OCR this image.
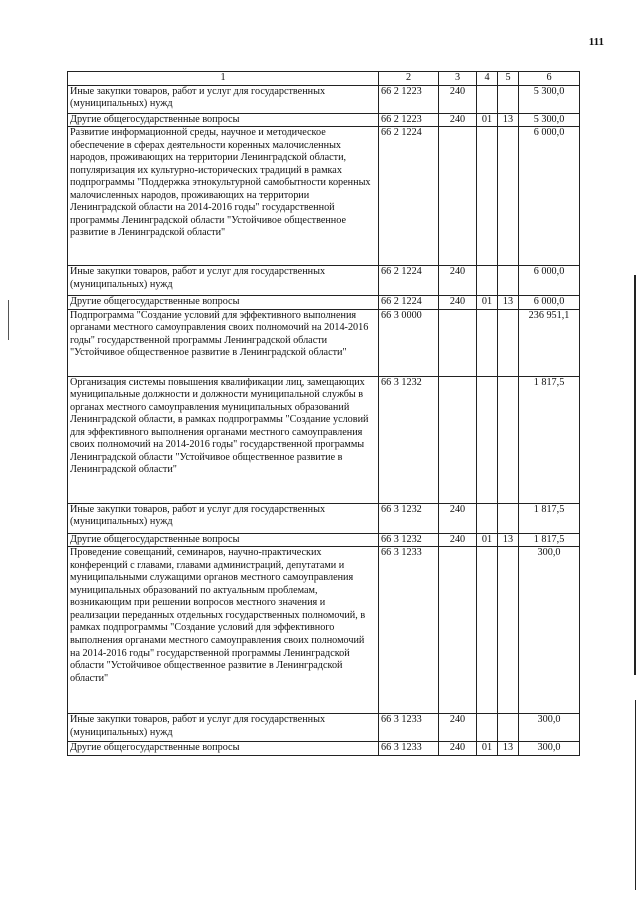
111
1	2	3	4	5	6
Иные закупки товаров, работ и услуг для государственных (муниципальных) нужд	66 2 1223	240			5 300,0
Другие общегосударственные вопросы	66 2 1223	240	01	13	5 300,0
Развитие информационной среды, научное и методическое обеспечение в сферах деятельности коренных малочисленных народов, проживающих на территории Ленинградской области, популяризация их культурно-исторических традиций в рамках подпрограммы "Поддержка этнокультурной самобытности коренных малочисленных народов, проживающих на территории Ленинградской области на 2014-2016 годы" государственной программы Ленинградской области "Устойчивое общественное развитие в Ленинградской области"	66 2 1224				6 000,0
Иные закупки товаров, работ и услуг для государственных (муниципальных) нужд	66 2 1224	240			6 000,0
Другие общегосударственные вопросы	66 2 1224	240	01	13	6 000,0
Подпрограмма "Создание условий для эффективного выполнения органами местного самоуправления своих полномочий на 2014-2016 годы" государственной программы Ленинградской области "Устойчивое общественное развитие в Ленинградской области"	66 3 0000				236 951,1
Организация системы повышения квалификации лиц, замещающих муниципальные должности и должности муниципальной службы в органах местного самоуправления муниципальных образований Ленинградской области, в рамках подпрограммы "Создание условий для эффективного выполнения органами местного самоуправления своих полномочий на 2014-2016 годы" государственной программы Ленинградской области "Устойчивое общественное развитие в Ленинградской области"	66 3 1232				1 817,5
Иные закупки товаров, работ и услуг для государственных (муниципальных) нужд	66 3 1232	240			1 817,5
Другие общегосударственные вопросы	66 3 1232	240	01	13	1 817,5
Проведение совещаний, семинаров, научно-практических конференций с главами, главами администраций, депутатами и муниципальными служащими органов местного самоуправления муниципальных образований по актуальным проблемам, возникающим при решении вопросов местного значения и реализации переданных отдельных государственных полномочий, в рамках подпрограммы "Создание условий для эффективного выполнения органами местного самоуправления своих полномочий на 2014-2016 годы" государственной программы Ленинградской области "Устойчивое общественное развитие в Ленинградской области"	66 3 1233				300,0
Иные закупки товаров, работ и услуг для государственных (муниципальных) нужд	66 3 1233	240			300,0
Другие общегосударственные вопросы	66 3 1233	240	01	13	300,0
